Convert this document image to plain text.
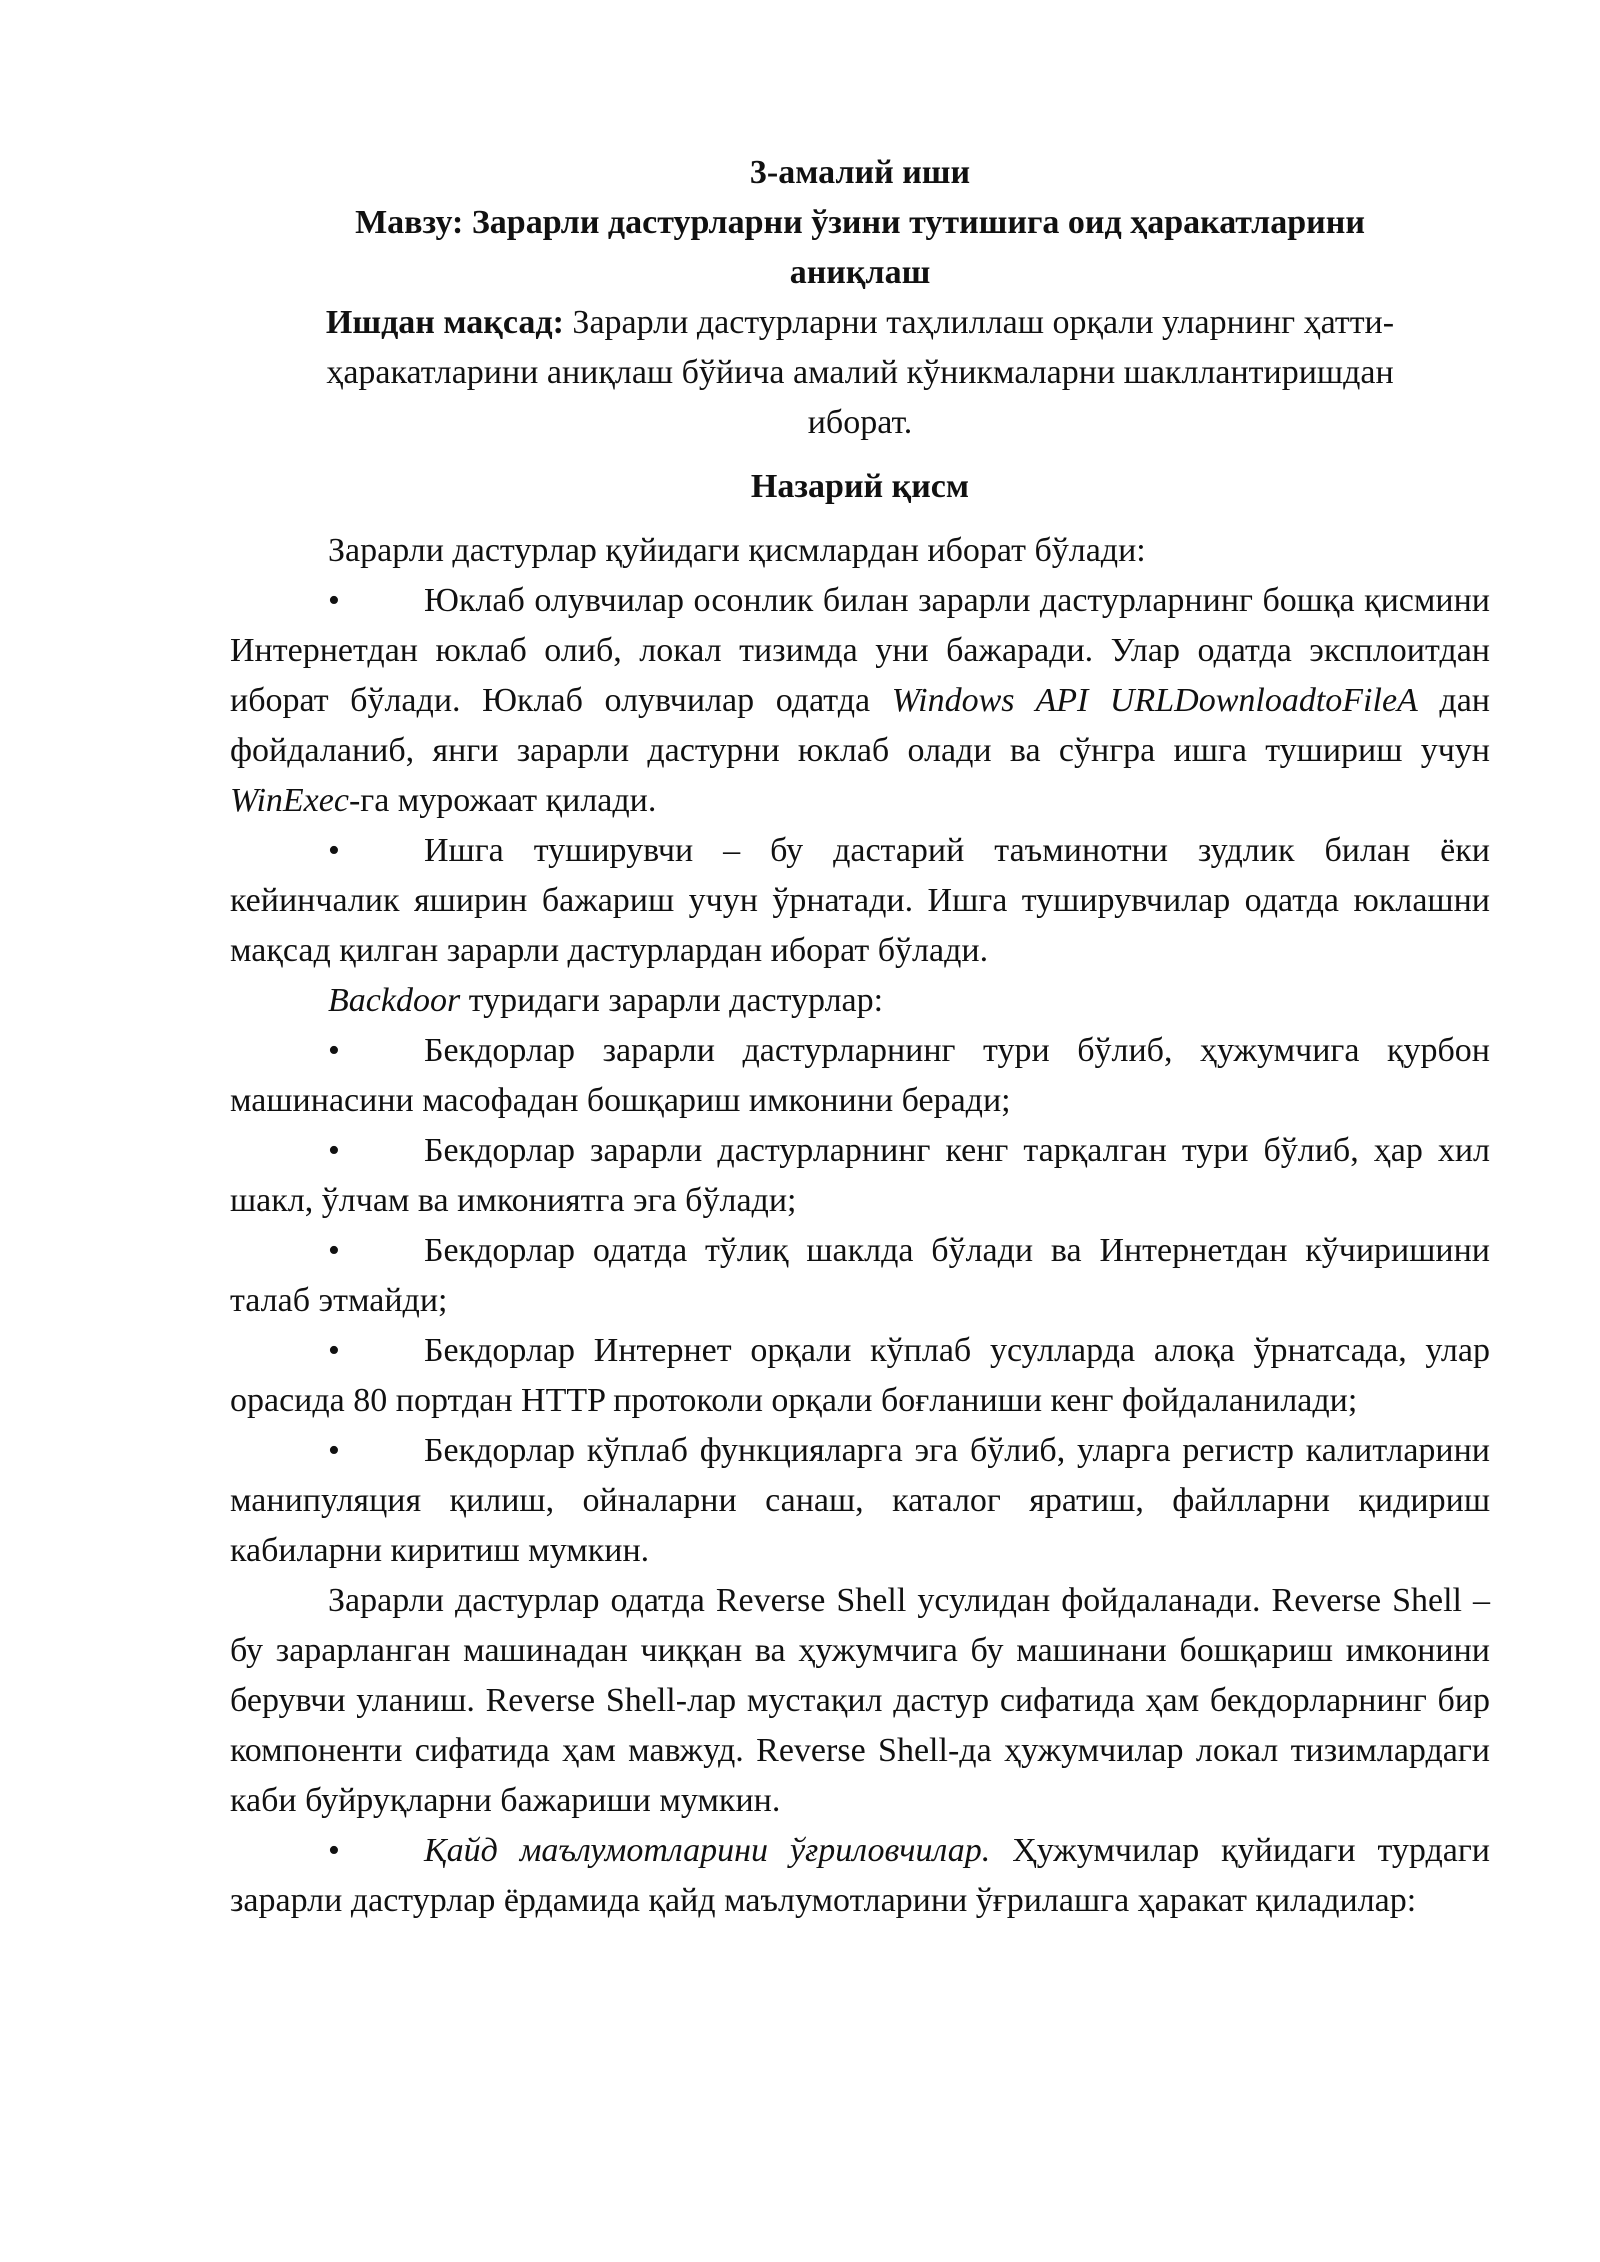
3-амалий иши

Мавзу: Зарарли дастурларни ўзини тутишига оид ҳаракатларини аниқлаш

Ишдан мақсад: Зарарли дастурларни таҳлиллаш орқали уларнинг ҳатти-ҳаракатларини аниқлаш бўйича амалий кўникмаларни шакллантиришдан иборат.

Назарий қисм

Зарарли дастурлар қуйидаги қисмлардан иборат бўлади:

• Юклаб олувчилар осонлик билан зарарли дастурларнинг бошқа қисмини Интернетдан юклаб олиб, локал тизимда уни бажаради. Улар одатда эксплоитдан иборат бўлади. Юклаб олувчилар одатда Windows API URLDownloadtoFileA дан фойдаланиб, янги зарарли дастурни юклаб олади ва сўнгра ишга тушириш учун WinExec-га мурожаат қилади.

• Ишга туширувчи – бу дастарий таъминотни зудлик билан ёки кейинчалик яширин бажариш учун ўрнатади. Ишга туширувчилар одатда юклашни мақсад қилган зарарли дастурлардан иборат бўлади.

Backdoor туридаги зарарли дастурлар:

• Бекдорлар зарарли дастурларнинг тури бўлиб, ҳужумчига қурбон машинасини масофадан бошқариш имконини беради;

• Бекдорлар зарарли дастурларнинг кенг тарқалган тури бўлиб, ҳар хил шакл, ўлчам ва имкониятга эга бўлади;

• Бекдорлар одатда тўлиқ шаклда бўлади ва Интернетдан кўчиришини талаб этмайди;

• Бекдорлар Интернет орқали кўплаб усулларда алоқа ўрнатсада, улар орасида 80 портдан HTTP протоколи орқали боғланиши кенг фойдаланилади;

• Бекдорлар кўплаб функцияларга эга бўлиб, уларга регистр калитларини манипуляция қилиш, ойналарни санаш, каталог яратиш, файлларни қидириш кабиларни киритиш мумкин.

Зарарли дастурлар одатда Reverse Shell усулидан фойдаланади. Reverse Shell – бу зарарланган машинадан чиққан ва ҳужумчига бу машинани бошқариш имконини берувчи уланиш. Reverse Shell-лар мустақил дастур сифатида ҳам бекдорларнинг бир компоненти сифатида ҳам мавжуд. Reverse Shell-да ҳужумчилар локал тизимлардаги каби буйруқларни бажариши мумкин.

• Қайд маълумотларини ўғриловчилар. Ҳужумчилар қуйидаги турдаги зарарли дастурлар ёрдамида қайд маълумотларини ўғрилашга ҳаракат қиладилар:
